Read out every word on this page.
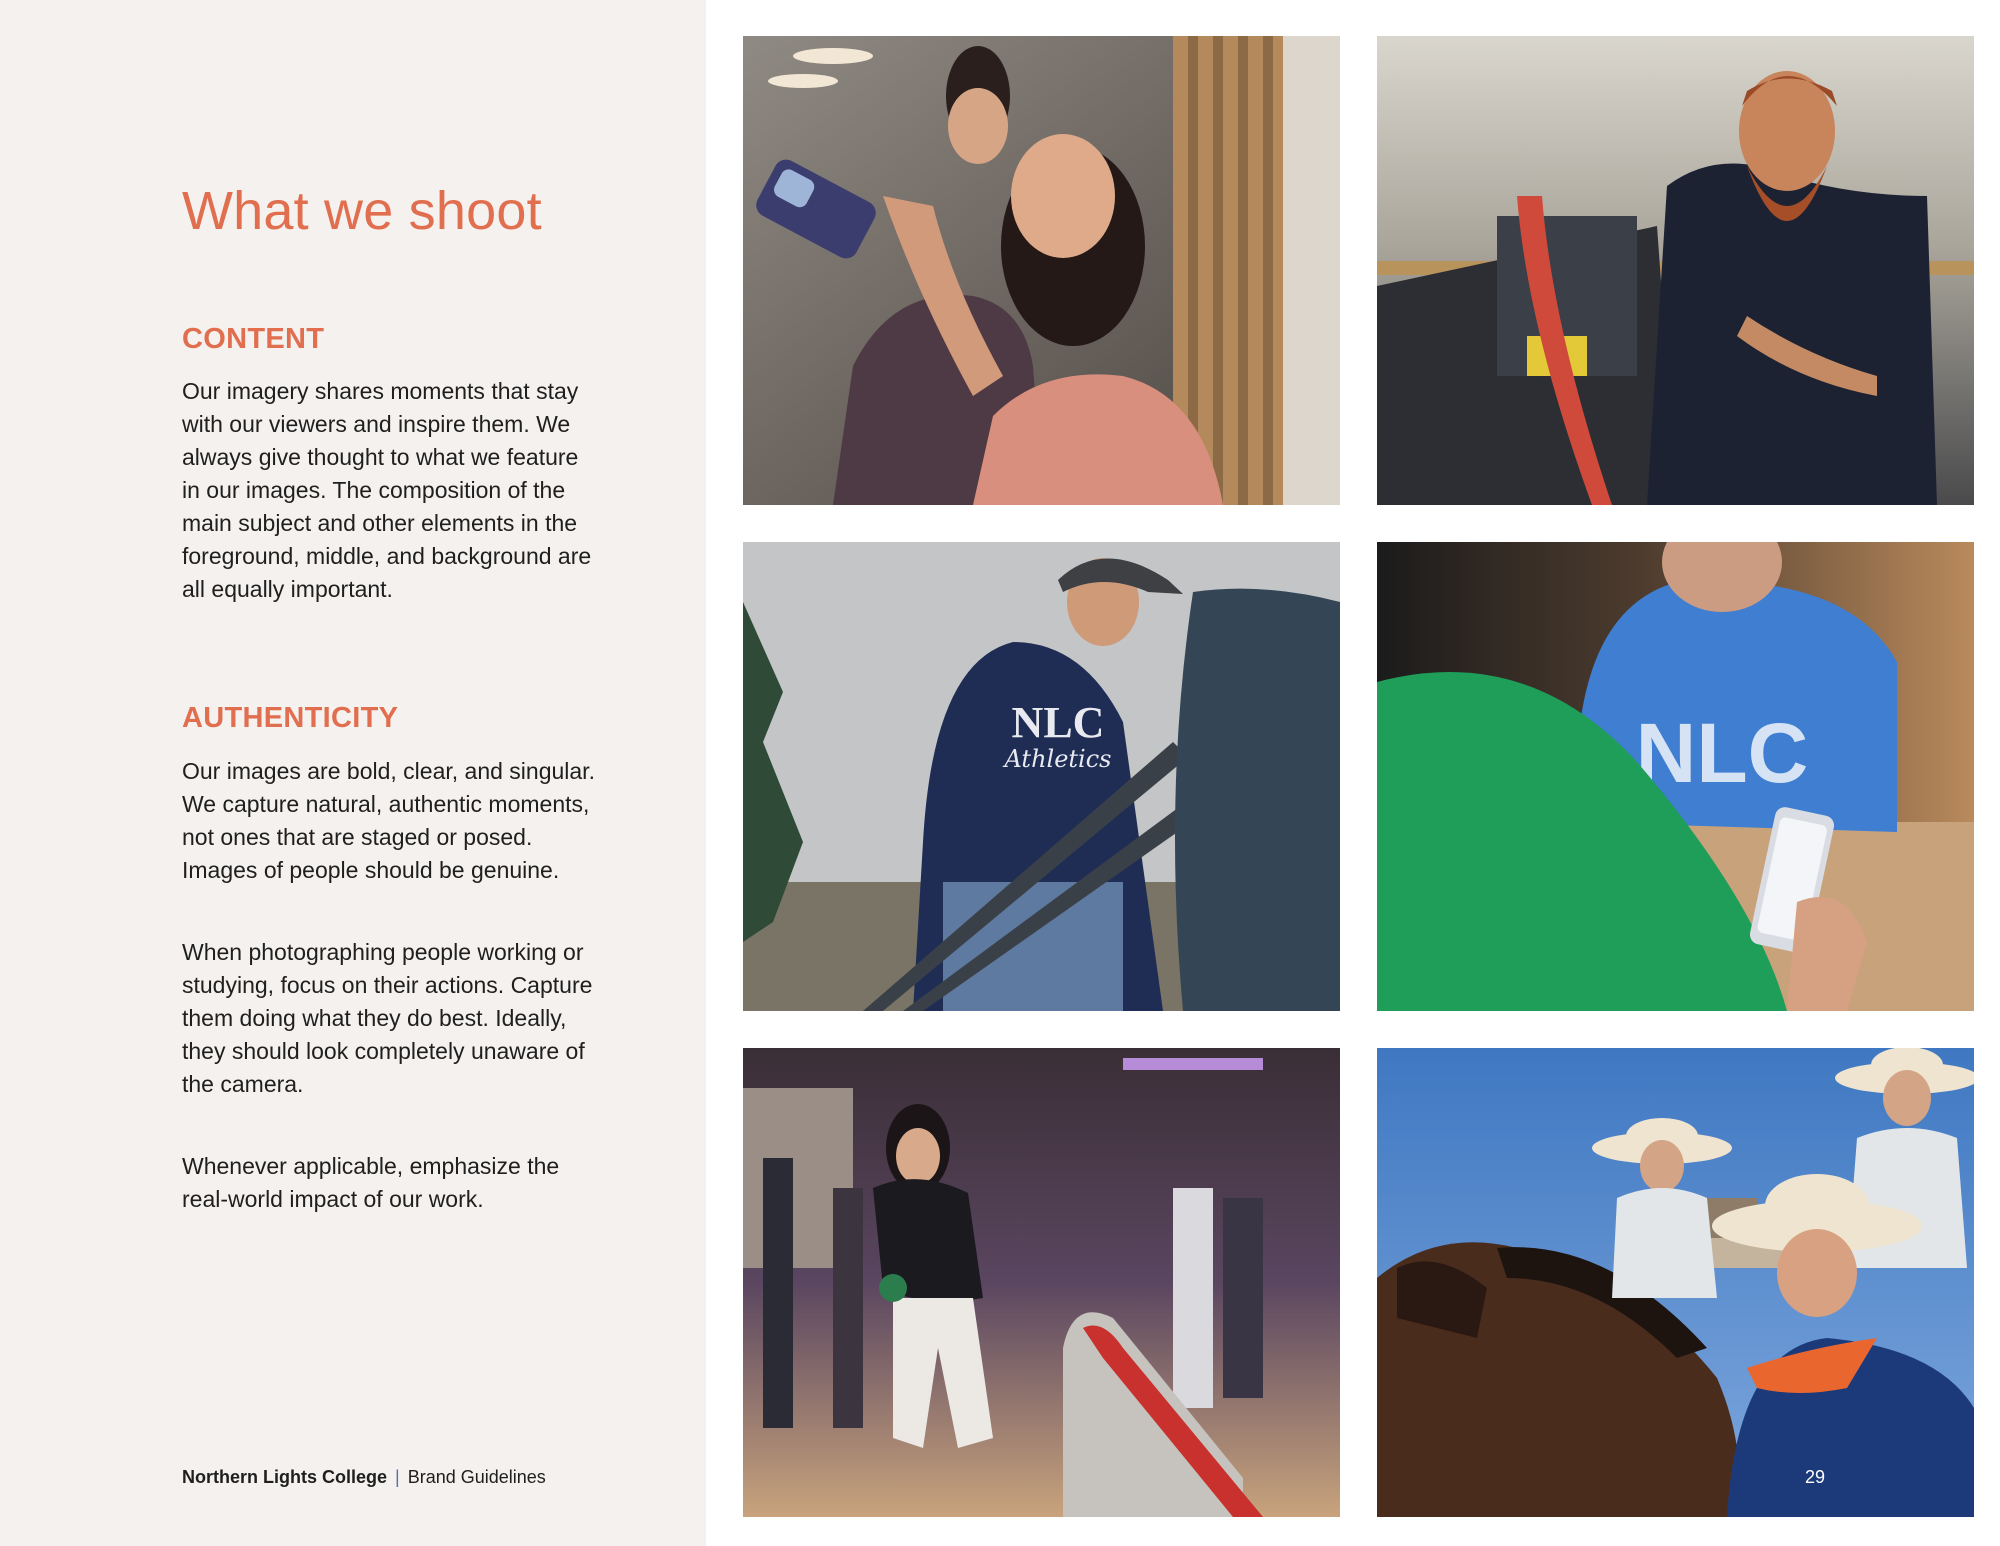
What we shoot
CONTENT

Our imagery shares moments that stay with our viewers and inspire them. We always give thought to what we feature in our images. The composition of the main subject and other elements in the foreground, middle, and background are all equally important.

AUTHENTICITY

Our images are bold, clear, and singular. We capture natural, authentic moments, not ones that are staged or posed. Images of people should be genuine.

When photographing people working or studying, focus on their actions. Capture them doing what they do best. Ideally, they should look completely unaware of the camera.

Whenever applicable, emphasize the real-world impact of our work.

Northern Lights College | Brand Guidelines
NLC
Athletics	NLC
29
